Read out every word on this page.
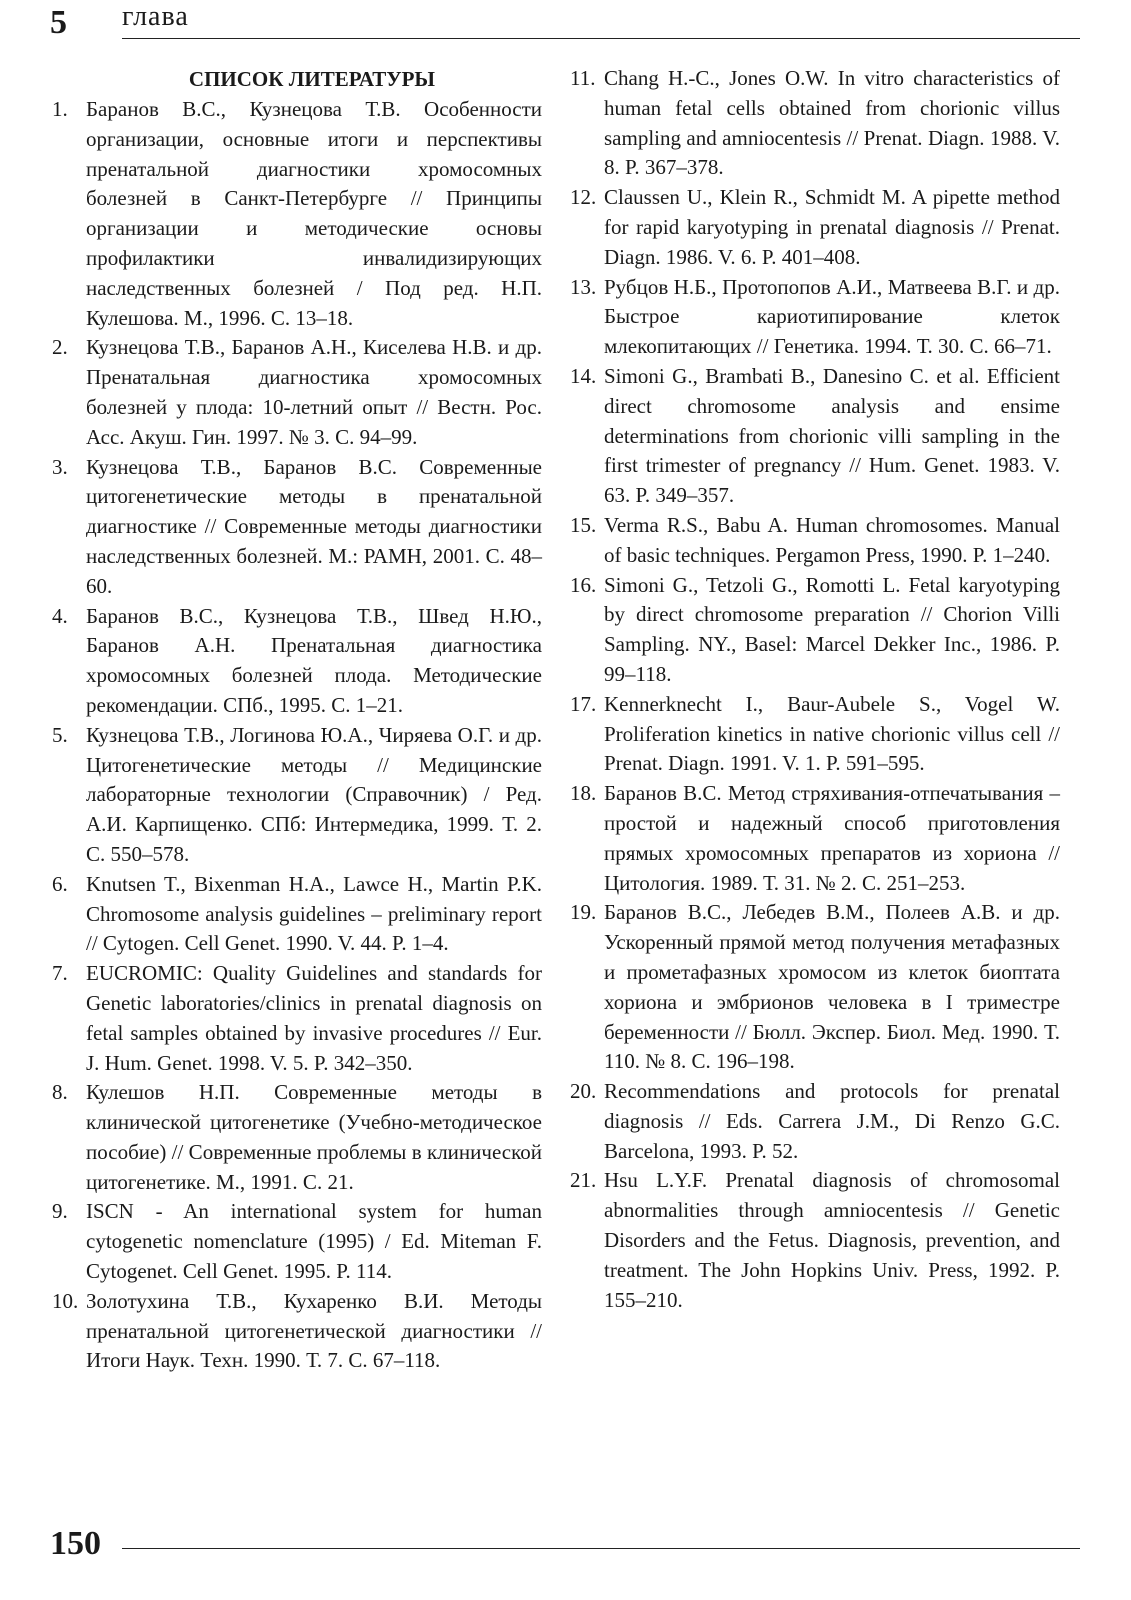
5 глава
СПИСОК ЛИТЕРАТУРЫ
1. Баранов В.С., Кузнецова Т.В. Особенности организации, основные итоги и перспективы пренатальной диагностики хромосомных болезней в Санкт-Петербурге // Принципы организации и методические основы профилактики инвалидизирующих наследственных болезней / Под ред. Н.П. Кулешова. М., 1996. С. 13–18.
2. Кузнецова Т.В., Баранов А.Н., Киселева Н.В. и др. Пренатальная диагностика хромосомных болезней у плода: 10-летний опыт // Вестн. Рос. Асс. Акуш. Гин. 1997. № 3. С. 94–99.
3. Кузнецова Т.В., Баранов В.С. Современные цитогенетические методы в пренатальной диагностике // Современные методы диагностики наследственных болезней. М.: РАМН, 2001. С. 48–60.
4. Баранов В.С., Кузнецова Т.В., Швед Н.Ю., Баранов А.Н. Пренатальная диагностика хромосомных болезней плода. Методические рекомендации. СПб., 1995. С. 1–21.
5. Кузнецова Т.В., Логинова Ю.А., Чиряева О.Г. и др. Цитогенетические методы // Медицинские лабораторные технологии (Справочник) / Ред. А.И. Карпищенко. СПб: Интермедика, 1999. Т. 2. С. 550–578.
6. Knutsen T., Bixenman H.A., Lawce H., Martin P.K. Chromosome analysis guidelines – preliminary report // Cytogen. Cell Genet. 1990. V. 44. P. 1–4.
7. EUCROMIC: Quality Guidelines and standards for Genetic laboratories/clinics in prenatal diagnosis on fetal samples obtained by invasive procedures // Eur. J. Hum. Genet. 1998. V. 5. P. 342–350.
8. Кулешов Н.П. Современные методы в клинической цитогенетике (Учебно-методическое пособие) // Современные проблемы в клинической цитогенетике. М., 1991. С. 21.
9. ISCN - An international system for human cytogenetic nomenclature (1995) / Ed. Miteman F. Cytogenet. Cell Genet. 1995. P. 114.
10. Золотухина Т.В., Кухаренко В.И. Методы пренатальной цитогенетической диагностики // Итоги Наук. Техн. 1990. Т. 7. С. 67–118.
11. Chang H.-C., Jones O.W. In vitro characteristics of human fetal cells obtained from chorionic villus sampling and amniocentesis // Prenat. Diagn. 1988. V. 8. P. 367–378.
12. Claussen U., Klein R., Schmidt M. A pipette method for rapid karyotyping in prenatal diagnosis // Prenat. Diagn. 1986. V. 6. P. 401–408.
13. Рубцов Н.Б., Протопопов А.И., Матвеева В.Г. и др. Быстрое кариотипирование клеток млекопитающих // Генетика. 1994. Т. 30. С. 66–71.
14. Simoni G., Brambati B., Danesino C. et al. Efficient direct chromosome analysis and ensime determinations from chorionic villi sampling in the first trimester of pregnancy // Hum. Genet. 1983. V. 63. P. 349–357.
15. Verma R.S., Babu A. Human chromosomes. Manual of basic techniques. Pergamon Press, 1990. P. 1–240.
16. Simoni G., Tetzoli G., Romotti L. Fetal karyotyping by direct chromosome preparation // Chorion Villi Sampling. NY., Basel: Marcel Dekker Inc., 1986. P. 99–118.
17. Kennerknecht I., Baur-Aubele S., Vogel W. Proliferation kinetics in native chorionic villus cell // Prenat. Diagn. 1991. V. 1. P. 591–595.
18. Баранов В.С. Метод стряхивания-отпечатывания – простой и надежный способ приготовления прямых хромосомных препаратов из хориона // Цитология. 1989. Т. 31. № 2. С. 251–253.
19. Баранов В.С., Лебедев В.М., Полеев А.В. и др. Ускоренный прямой метод получения метафазных и прометафазных хромосом из клеток биоптата хориона и эмбрионов человека в I триместре беременности // Бюлл. Экспер. Биол. Мед. 1990. Т. 110. № 8. С. 196–198.
20. Recommendations and protocols for prenatal diagnosis // Eds. Carrera J.M., Di Renzo G.C. Barcelona, 1993. P. 52.
21. Hsu L.Y.F. Prenatal diagnosis of chromosomal abnormalities through amniocentesis // Genetic Disorders and the Fetus. Diagnosis, prevention, and treatment. The John Hopkins Univ. Press, 1992. P. 155–210.
150
